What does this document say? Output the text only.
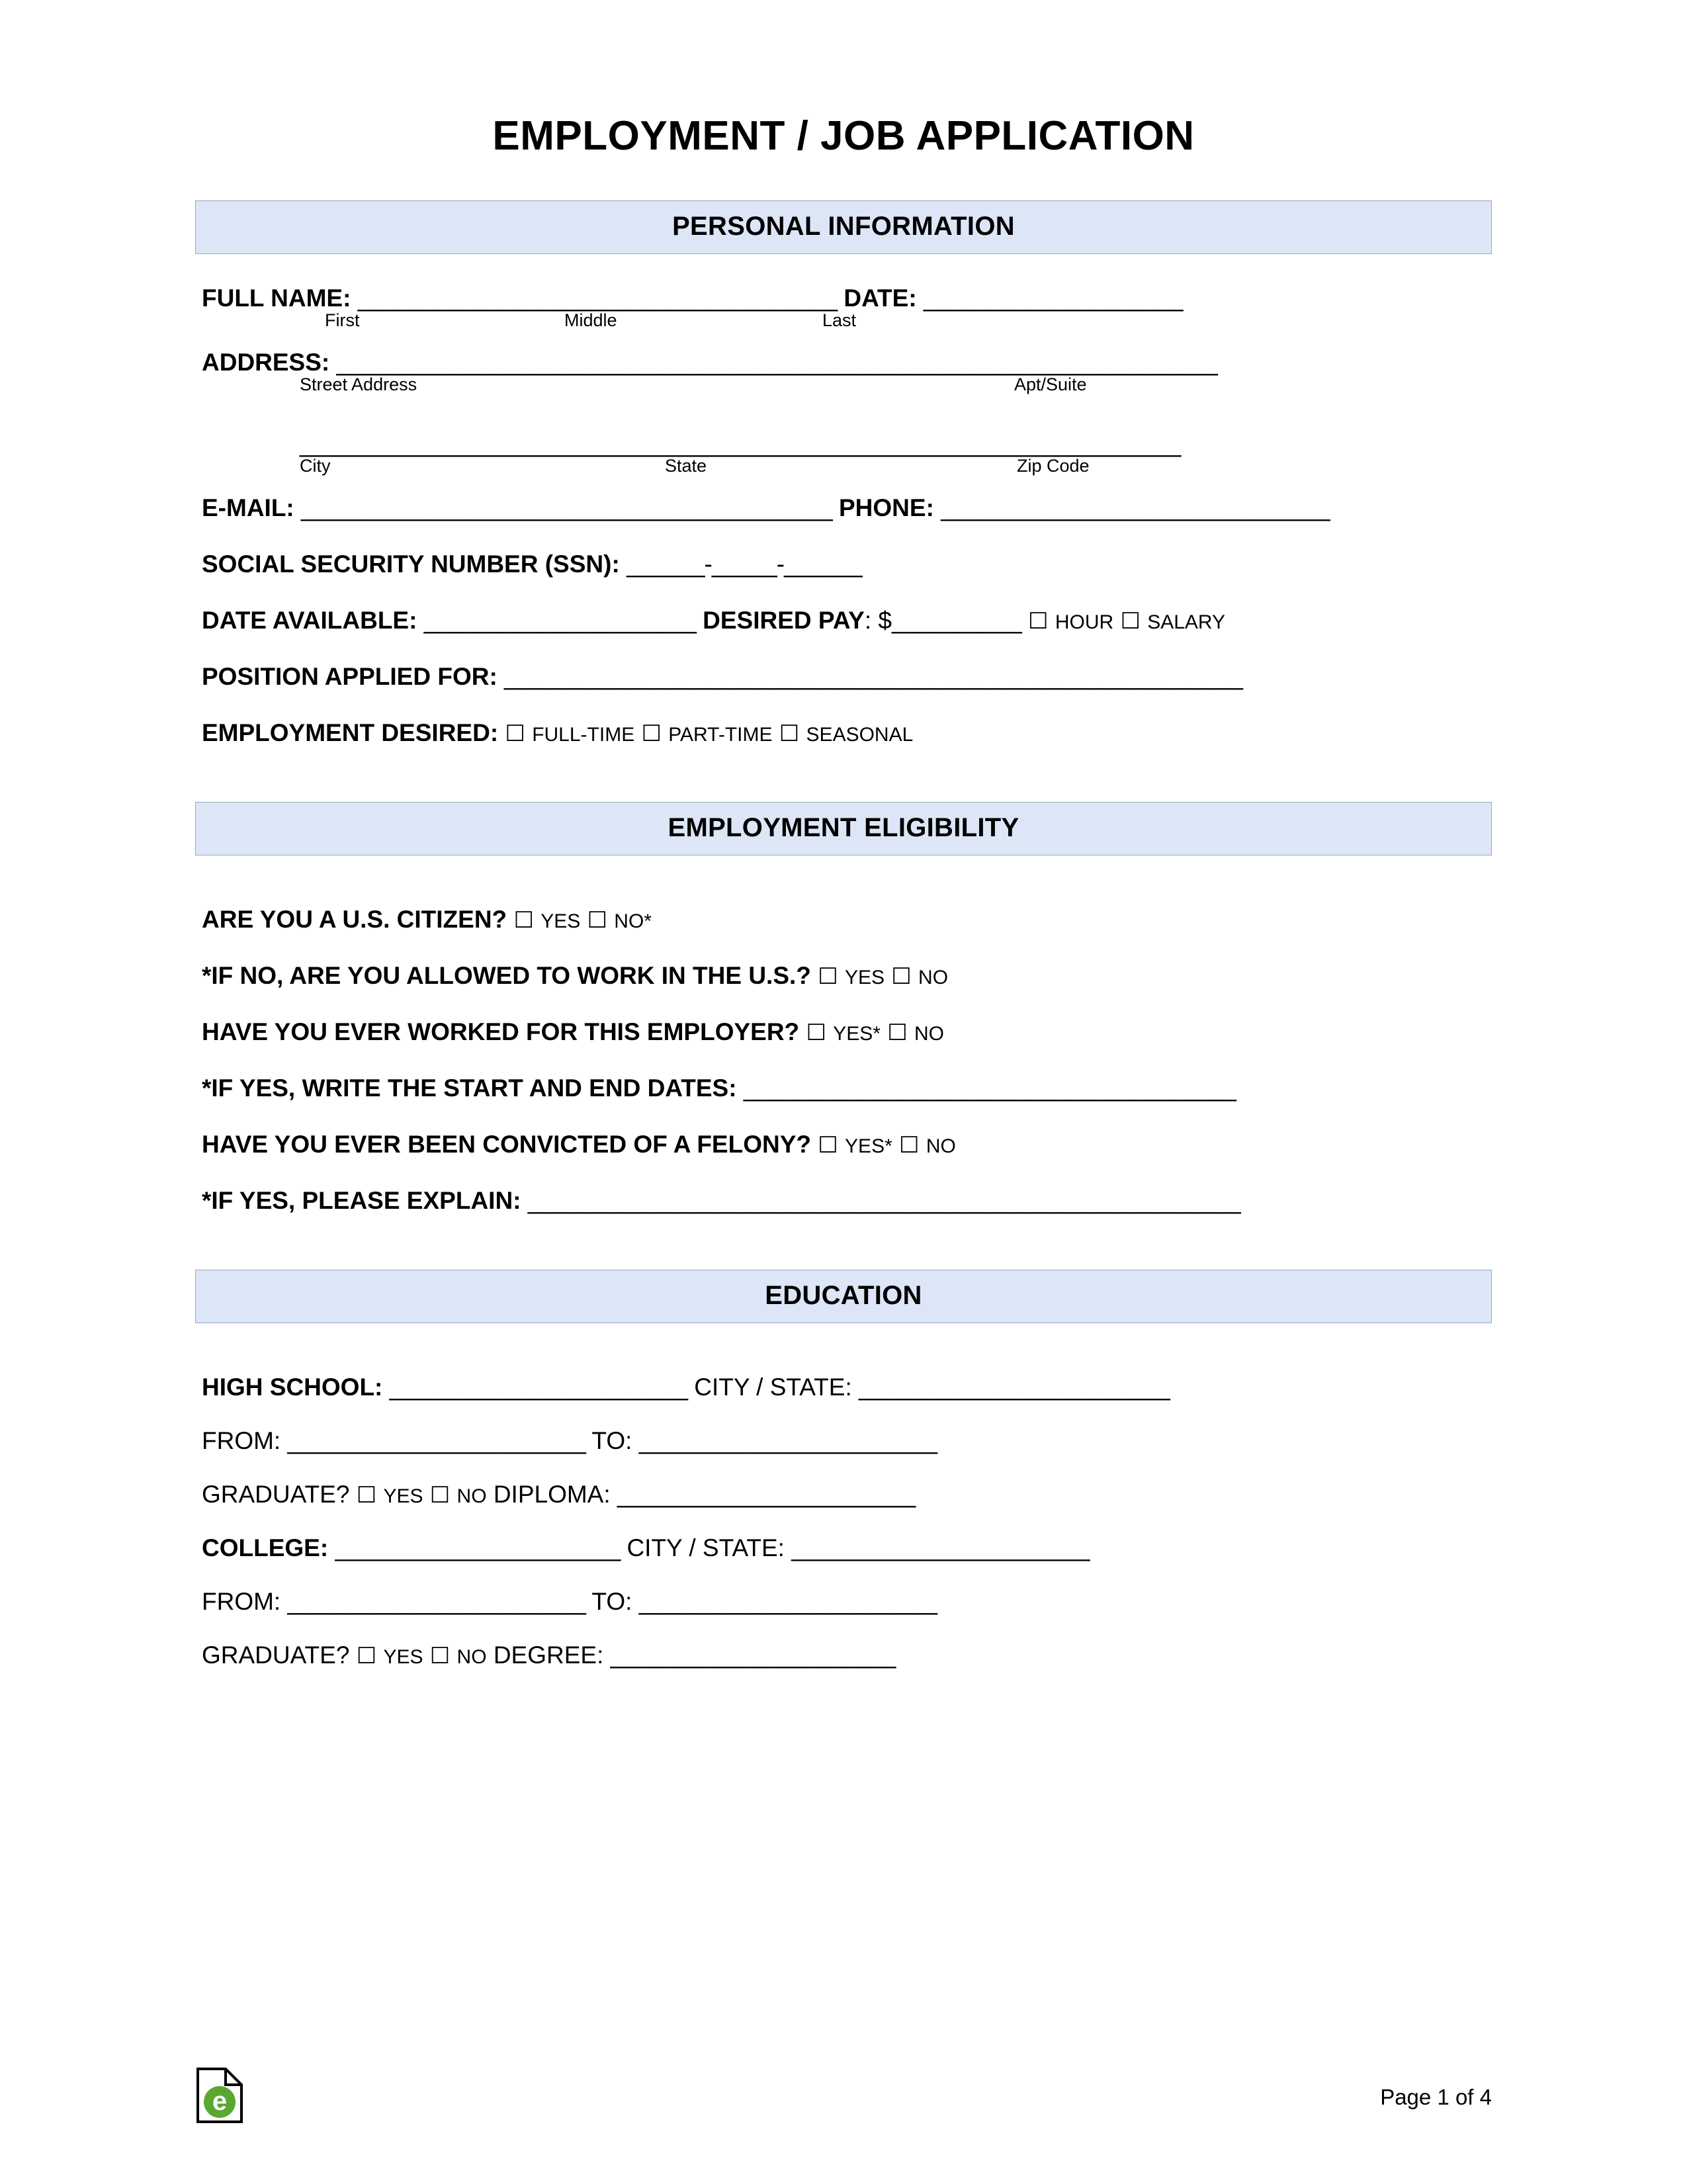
EMPLOYMENT / JOB APPLICATION
PERSONAL INFORMATION
FULL NAME: _____________________________________ DATE: ____________________
First	Middle	Last
ADDRESS: ____________________________________________________________________
Street Address	Apt/Suite
____________________________________________________________________
City	State	Zip Code
E-MAIL: _________________________________________ PHONE: ______________________________
SOCIAL SECURITY NUMBER (SSN): ______-_____-______
DATE AVAILABLE: _____________________ DESIRED PAY: $__________ ☐ HOUR ☐ SALARY
POSITION APPLIED FOR: _________________________________________________________
EMPLOYMENT DESIRED: ☐ FULL-TIME ☐ PART-TIME ☐ SEASONAL
EMPLOYMENT ELIGIBILITY
ARE YOU A U.S. CITIZEN? ☐ YES ☐ NO*
*IF NO, ARE YOU ALLOWED TO WORK IN THE U.S.? ☐ YES ☐ NO
HAVE YOU EVER WORKED FOR THIS EMPLOYER? ☐ YES* ☐ NO
*IF YES, WRITE THE START AND END DATES: ______________________________________
HAVE YOU EVER BEEN CONVICTED OF A FELONY? ☐ YES* ☐ NO
*IF YES, PLEASE EXPLAIN: _______________________________________________________
EDUCATION
HIGH SCHOOL: _______________________ CITY / STATE: ________________________
FROM: _______________________ TO: _______________________
GRADUATE? ☐ YES ☐ NO DIPLOMA: _______________________
COLLEGE: ______________________ CITY / STATE: _______________________
FROM: _______________________ TO: _______________________
GRADUATE? ☐ YES ☐ NO DEGREE: ______________________
e	Page 1 of 4
